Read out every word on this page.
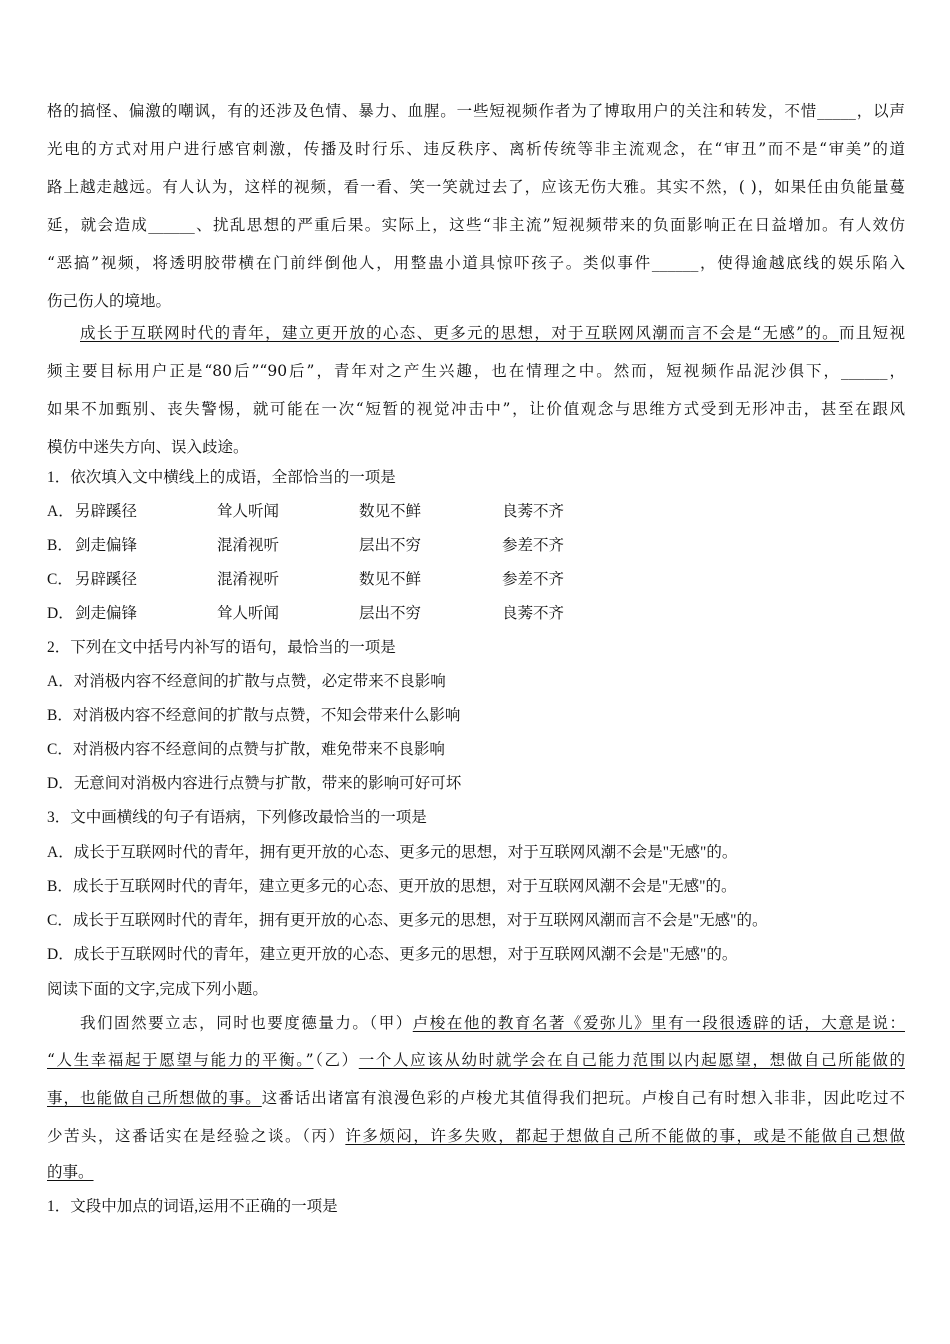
格的搞怪、偏激的嘲讽，有的还涉及色情、暴力、血腥。一些短视频作者为了博取用户的关注和转发，不惜_____，以声
光电的方式对用户进行感官刺激，传播及时行乐、违反秩序、离析传统等非主流观念，在“审丑”而不是“审美”的道
路上越走越远。有人认为，这样的视频，看一看、笑一笑就过去了，应该无伤大雅。其实不然，( )，如果任由负能量蔓
延，就会造成______、扰乱思想的严重后果。实际上，这些“非主流”短视频带来的负面影响正在日益增加。有人效仿
“恶搞”视频，将透明胶带横在门前绊倒他人，用整蛊小道具惊吓孩子。类似事件______，使得逾越底线的娱乐陷入
伤己伤人的境地。
成长于互联网时代的青年，建立更开放的心态、更多元的思想，对于互联网风潮而言不会是“无感”的。而且短视
频主要目标用户正是“80后”“90后”，青年对之产生兴趣，也在情理之中。然而，短视频作品泥沙俱下，______，
如果不加甄别、丧失警惕，就可能在一次“短暂的视觉冲击中”，让价值观念与思维方式受到无形冲击，甚至在跟风
模仿中迷失方向、误入歧途。
1．依次填入文中横线上的成语，全部恰当的一项是
A． 另辟蹊径	耸人听闻	数见不鲜	良莠不齐
B． 剑走偏锋	混淆视听	层出不穷	参差不齐
C． 另辟蹊径	混淆视听	数见不鲜	参差不齐
D． 剑走偏锋	耸人听闻	层出不穷	良莠不齐
2．下列在文中括号内补写的语句，最恰当的一项是
A．对消极内容不经意间的扩散与点赞，必定带来不良影响
B．对消极内容不经意间的扩散与点赞，不知会带来什么影响
C．对消极内容不经意间的点赞与扩散，难免带来不良影响
D．无意间对消极内容进行点赞与扩散，带来的影响可好可坏
3．文中画横线的句子有语病，下列修改最恰当的一项是
A．成长于互联网时代的青年，拥有更开放的心态、更多元的思想，对于互联网风潮不会是"无感"的。
B．成长于互联网时代的青年，建立更多元的心态、更开放的思想，对于互联网风潮不会是"无感"的。
C．成长于互联网时代的青年，拥有更开放的心态、更多元的思想，对于互联网风潮而言不会是"无感"的。
D．成长于互联网时代的青年，建立更开放的心态、更多元的思想，对于互联网风潮不会是"无感"的。
阅读下面的文字,完成下列小题。
我们固然要立志，同时也要度德量力。（甲）卢梭在他的教育名著《爱弥儿》里有一段很透辟的话，大意是说：
“人生幸福起于愿望与能力的平衡。”（乙）一个人应该从幼时就学会在自己能力范围以内起愿望，想做自己所能做的
事，也能做自己所想做的事。这番话出诸富有浪漫色彩的卢梭尤其值得我们把玩。卢梭自己有时想入非非，因此吃过不
少苦头，这番话实在是经验之谈。（丙）许多烦闷，许多失败，都起于想做自己所不能做的事，或是不能做自己想做
的事。
1．文段中加点的词语,运用不正确的一项是
